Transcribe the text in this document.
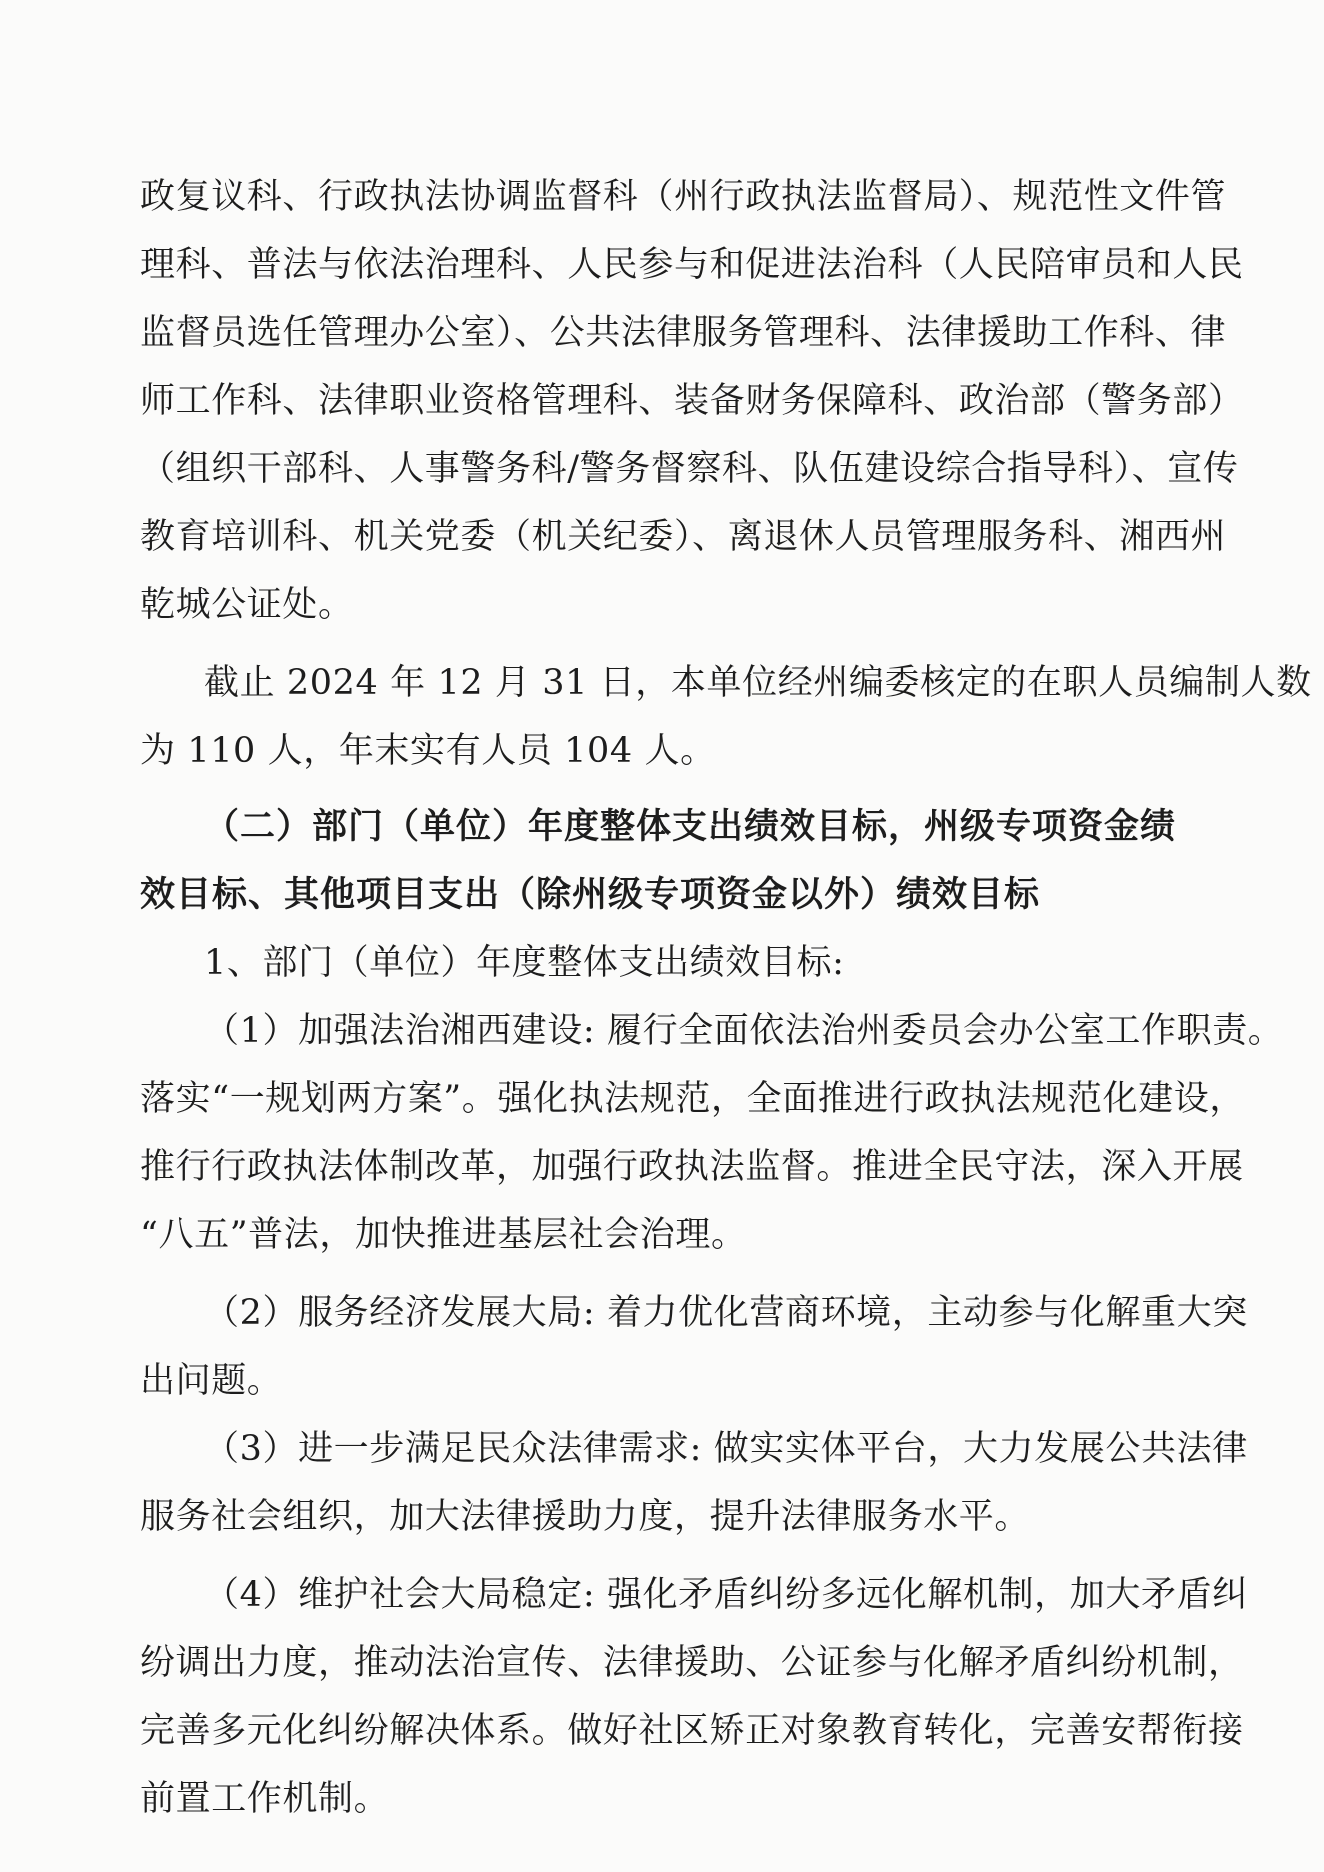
政复议科、行政执法协调监督科（州行政执法监督局）、规范性文件管
理科、普法与依法治理科、人民参与和促进法治科（人民陪审员和人民
监督员选任管理办公室）、公共法律服务管理科、法律援助工作科、律
师工作科、法律职业资格管理科、装备财务保障科、政治部（警务部）
（组织干部科、人事警务科/警务督察科、队伍建设综合指导科）、宣传
教育培训科、机关党委（机关纪委）、离退休人员管理服务科、湘西州
乾城公证处。
截止 2024 年 12 月 31 日，本单位经州编委核定的在职人员编制人数
为 110 人，年末实有人员 104 人。
（二）部门（单位）年度整体支出绩效目标，州级专项资金绩
效目标、其他项目支出（除州级专项资金以外）绩效目标
1、部门（单位）年度整体支出绩效目标:
（1）加强法治湘西建设: 履行全面依法治州委员会办公室工作职责。
落实“一规划两方案”。强化执法规范，全面推进行政执法规范化建设，
推行行政执法体制改革，加强行政执法监督。推进全民守法，深入开展
“八五”普法，加快推进基层社会治理。
（2）服务经济发展大局: 着力优化营商环境，主动参与化解重大突
出问题。
（3）进一步满足民众法律需求: 做实实体平台，大力发展公共法律
服务社会组织，加大法律援助力度，提升法律服务水平。
（4）维护社会大局稳定: 强化矛盾纠纷多远化解机制，加大矛盾纠
纷调出力度，推动法治宣传、法律援助、公证参与化解矛盾纠纷机制，
完善多元化纠纷解决体系。做好社区矫正对象教育转化，完善安帮衔接
前置工作机制。
